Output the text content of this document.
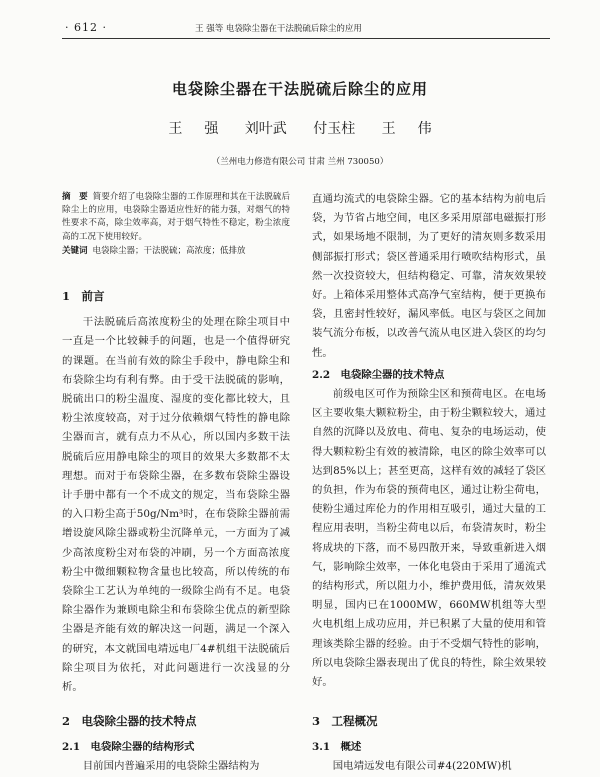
· 612 ·	王 强等 电袋除尘器在干法脱硫后除尘的应用
电袋除尘器在干法脱硫后除尘的应用
王 强 刘叶武 付玉柱 王 伟
（兰州电力修造有限公司 甘肃 兰州 730050）
摘　要 简要介绍了电袋除尘器的工作原理和其在干法脱硫后除尘上的应用，电袋除尘器适应性好的能力强，对烟气的特性要求不高，除尘效率高，对于烟气特性不稳定，粉尘浓度高的工况下使用较好。
关键词 电袋除尘器；干法脱硫；高浓度；低排放
1　前言
干法脱硫后高浓度粉尘的处理在除尘项目中一直是一个比较棘手的问题，也是一个值得研究的课题。在当前有效的除尘手段中，静电除尘和布袋除尘均有利有弊。由于受干法脱硫的影响，脱硫出口的粉尘温度、湿度的变化都比较大，且粉尘浓度较高，对于过分依赖烟气特性的静电除尘器而言，就有点力不从心，所以国内多数干法脱硫后应用静电除尘的项目的效果大多数都不太理想。而对于布袋除尘器，在多数布袋除尘器设计手册中都有一个不成文的规定，当布袋除尘器的入口粉尘高于50g/Nm³时，在布袋除尘器前需增设旋风除尘器或粉尘沉降单元，一方面为了减少高浓度粉尘对布袋的冲刷，另一个方面高浓度粉尘中微细颗粒物含量也比较高，所以传统的布袋除尘工艺认为单纯的一级除尘尚有不足。电袋除尘器作为兼顾电除尘和布袋除尘优点的新型除尘器是齐能有效的解决这一问题，满足一个深入的研究，本文就国电靖远电厂4#机组干法脱硫后除尘项目为依托，对此问题进行一次浅显的分析。
2　电袋除尘器的技术特点
2.1　电袋除尘器的结构形式
目前国内普遍采用的电袋除尘器结构为
直通均流式的电袋除尘器。它的基本结构为前电后袋，为节省占地空间，电区多采用原部电磁振打形式，如果场地不限制，为了更好的清灰则多数采用侧部振打形式；袋区普通采用行喷吹结构形式，虽然一次投资较大，但结构稳定、可靠，清灰效果较好。上箱体采用整体式高净气室结构，便于更换布袋，且密封性较好，漏风率低。电区与袋区之间加装气流分布板，以改善气流从电区进入袋区的均匀性。
2.2　电袋除尘器的技术特点
前级电区可作为预除尘区和预荷电区。在电场区主要收集大颗粒粉尘，由于粉尘颗粒较大，通过自然的沉降以及放电、荷电、复杂的电场运动，使得大颗粒粉尘有效的被清除，电区的除尘效率可以达到85%以上；甚至更高，这样有效的减轻了袋区的负担，作为布袋的预荷电区，通过让粉尘荷电，使粉尘通过库伦力的作用相互吸引，通过大量的工程应用表明，当粉尘荷电以后，布袋清灰时，粉尘将成块的下落，而不易四散开来，导致重新进入烟气，影响除尘效率，一体化电袋由于采用了通流式的结构形式，所以阻力小，维护费用低，清灰效果明显，国内已在1000MW，660MW机组等大型火电机组上成功应用，并已积累了大量的使用和管理该类除尘器的经验。由于不受烟气特性的影响，所以电袋除尘器表现出了优良的特性，除尘效果较好。
3　工程概况
3.1　概述
国电靖远发电有限公司#4(220MW)机
